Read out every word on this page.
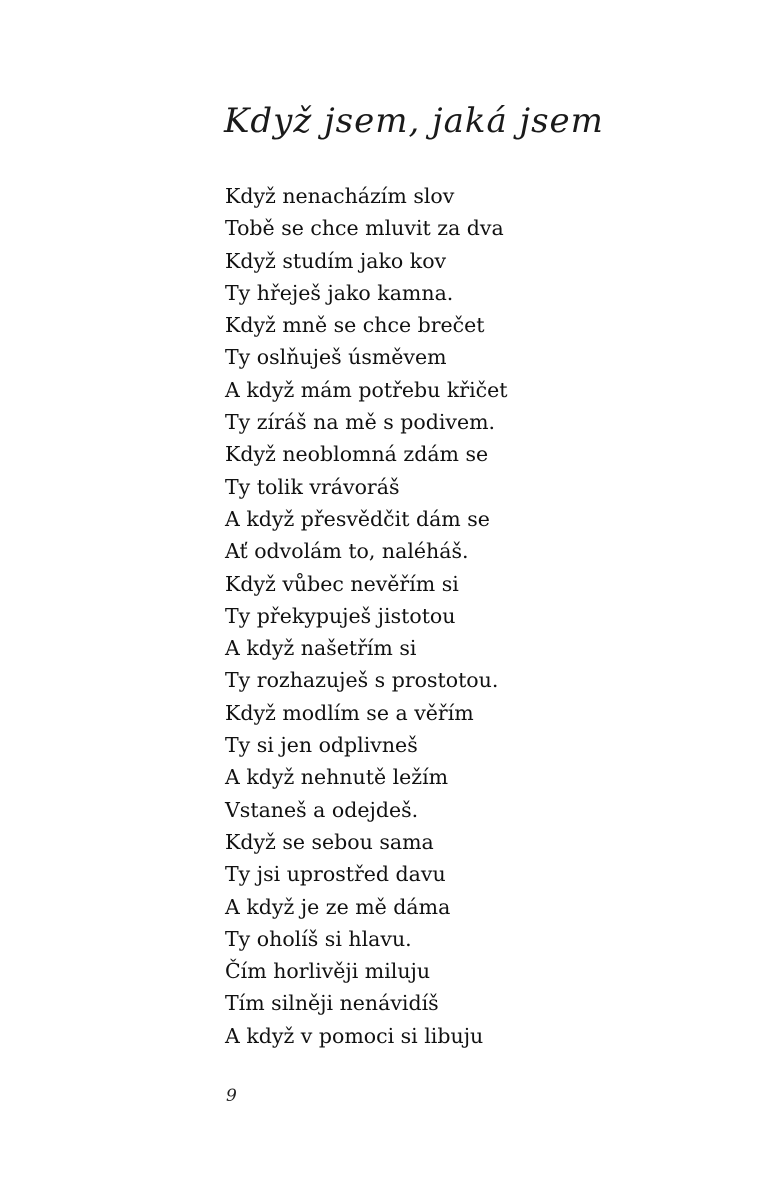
Když jsem, jaká jsem
Když nenacházím slov
Tobě se chce mluvit za dva
Když studím jako kov
Ty hřeješ jako kamna.
Když mně se chce brečet
Ty oslňuješ úsměvem
A když mám potřebu křičet
Ty zíráš na mě s podivem.
Když neoblomná zdám se
Ty tolik vrávoráš
A když přesvědčit dám se
Ať odvolám to, naléháš.
Když vůbec nevěřím si
Ty překypuješ jistotou
A když našetřím si
Ty rozhazuješ s prostotou.
Když modlím se a věřím
Ty si jen odplivneš
A když nehnutě ležím
Vstaneš a odejdeš.
Když se sebou sama
Ty jsi uprostřed davu
A když je ze mě dáma
Ty oholíš si hlavu.
Čím horlivěji miluju
Tím silněji nenávidíš
A když v pomoci si libuju
9
